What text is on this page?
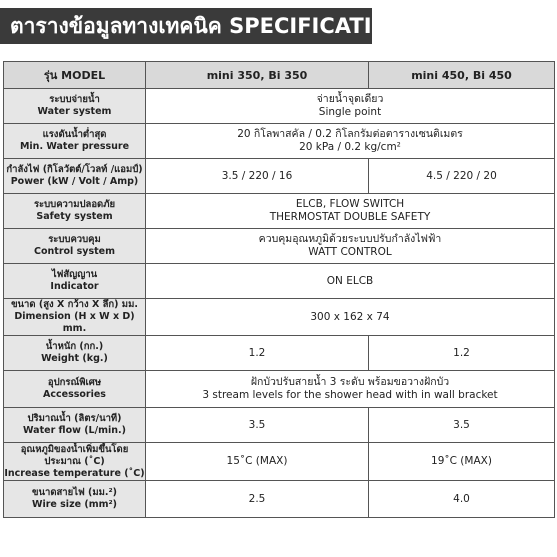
ตารางข้อมูลทางเทคนิค SPECIFICATION
รุ่น MODEL	mini 350, Bi 350	mini 450, Bi 450

ระบบจ่ายน้ำ
Water system	จ่ายน้ำจุดเดียว
Single point	

แรงดันน้ำต่ำสุด
Min. Water pressure	20 กิโลพาสคัล / 0.2 กิโลกรัมต่อตารางเซนติเมตร
20 kPa / 0.2 kg/cm²	

กำลังไฟ (กิโลวัตต์/โวลท์ /แอมป์)
Power (kW / Volt / Amp)	3.5 / 220 / 16	4.5 / 220 / 20

ระบบความปลอดภัย
Safety system	ELCB, FLOW SWITCH
THERMOSTAT DOUBLE SAFETY	

ระบบควบคุม
Control system	ควบคุมอุณหภูมิด้วยระบบปรับกำลังไฟฟ้า
WATT CONTROL	

ไฟสัญญาน
Indicator	ON ELCB	

ขนาด (สูง X กว้าง X ลึก) มม.
Dimension (H x W x D) mm.	300 x 162 x 74	

น้ำหนัก (กก.)
Weight (kg.)	1.2	1.2

อุปกรณ์พิเศษ
Accessories	ฝักบัวปรับสายน้ำ 3 ระดับ พร้อมขอวางฝักบัว
3 stream levels for the shower head with in wall bracket	

ปริมาณน้ำ (ลิตร/นาที)
Water flow (L/min.)	3.5	3.5

อุณหภูมิของน้ำเพิ่มขึ้นโดยประมาณ (˚C)
Increase temperature (˚C)	15˚C (MAX)	19˚C (MAX)

ขนาดสายไฟ (มม.²)
Wire size (mm²)	2.5	4.0
